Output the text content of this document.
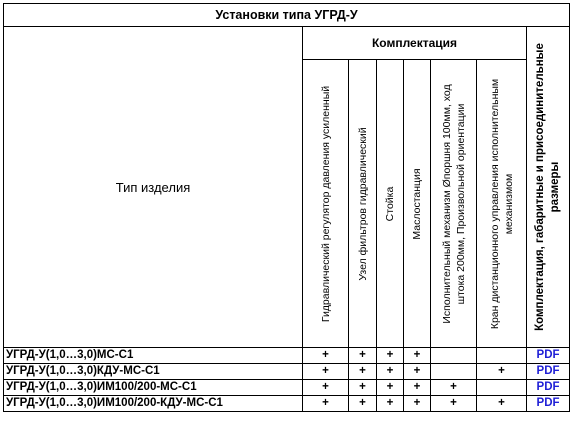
Установки типа УГРД-У							
Тип изделия	Комплектация						Комплектация, габаритные и присоединительные размеры

	Гидравлический регулятор давления усиленный	Узел фильтров гидравлический	Стойка	Маслостанция	Исполнительный механизм Øпоршня 100мм, ход штока 200мм, Произвольной ориентации	Кран дистанционного управления исполнительным механизмом	

УГРД-У(1,0…3,0)МС-С1	+	+	+	+			PDF
УГРД-У(1,0…3,0)КДУ-МС-С1	+	+	+	+		+	PDF
УГРД-У(1,0…3,0)ИМ100/200-МС-С1	+	+	+	+	+		PDF
УГРД-У(1,0…3,0)ИМ100/200-КДУ-МС-С1	+	+	+	+	+	+	PDF
